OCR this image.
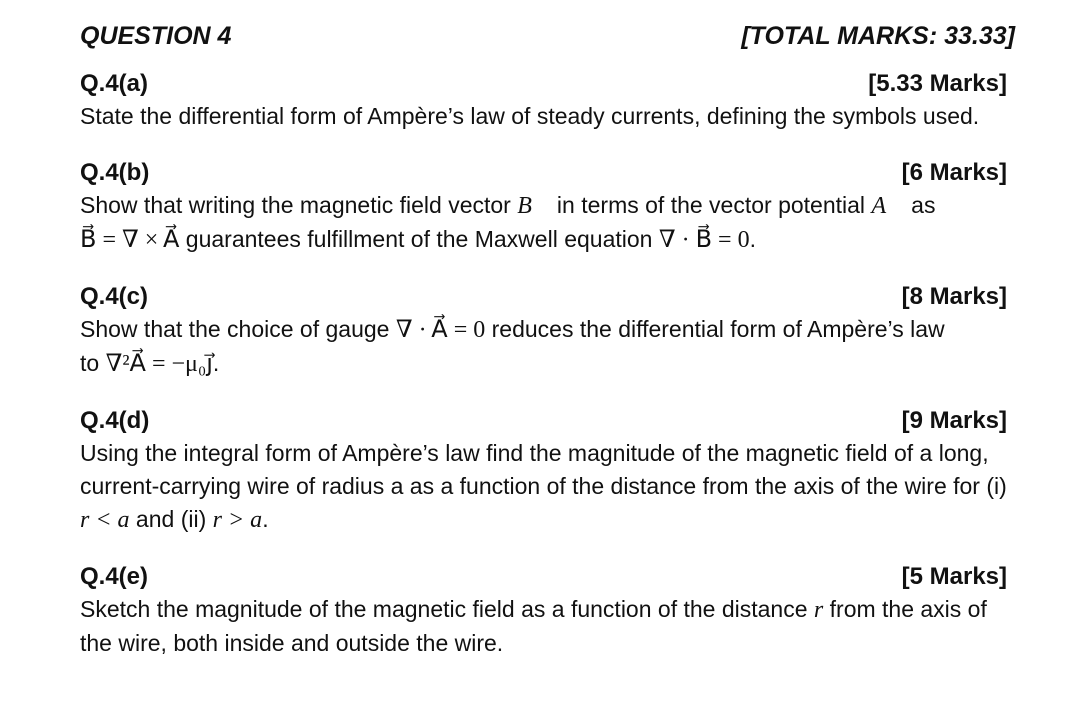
QUESTION 4	[TOTAL MARKS: 33.33]
Q.4(a)	[5.33 Marks]

State the differential form of Ampère’s law of steady currents, defining the symbols used.

Q.4(b)	[6 Marks]

Show that writing the magnetic field vector B⃗ in terms of the vector potential A⃗ as
B⃗ = ∇ × A⃗ guarantees fulfillment of the Maxwell equation ∇ · B⃗ = 0.

Q.4(c)	[8 Marks]

Show that the choice of gauge ∇ · A⃗ = 0 reduces the differential form of Ampère’s law
to ∇²A⃗ = −μ₀j⃗.

Q.4(d)	[9 Marks]

Using the integral form of Ampère’s law find the magnitude of the magnetic field of a long, current-carrying wire of radius a as a function of the distance from the axis of the wire for (i) r < a and (ii) r > a.

Q.4(e)	[5 Marks]

Sketch the magnitude of the magnetic field as a function of the distance r from the axis of the wire, both inside and outside the wire.
